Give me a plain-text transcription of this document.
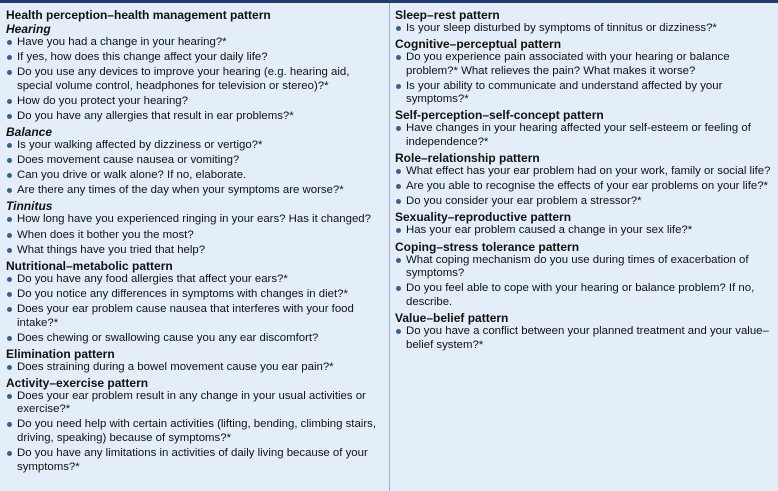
Health perception–health management pattern
Hearing
Have you had a change in your hearing?*
If yes, how does this change affect your daily life?
Do you use any devices to improve your hearing (e.g. hearing aid, special volume control, headphones for television or stereo)?*
How do you protect your hearing?
Do you have any allergies that result in ear problems?*
Balance
Is your walking affected by dizziness or vertigo?*
Does movement cause nausea or vomiting?
Can you drive or walk alone? If no, elaborate.
Are there any times of the day when your symptoms are worse?*
Tinnitus
How long have you experienced ringing in your ears? Has it changed?
When does it bother you the most?
What things have you tried that help?
Nutritional–metabolic pattern
Do you have any food allergies that affect your ears?*
Do you notice any differences in symptoms with changes in diet?*
Does your ear problem cause nausea that interferes with your food intake?*
Does chewing or swallowing cause you any ear discomfort?
Elimination pattern
Does straining during a bowel movement cause you ear pain?*
Activity–exercise pattern
Does your ear problem result in any change in your usual activities or exercise?*
Do you need help with certain activities (lifting, bending, climbing stairs, driving, speaking) because of symptoms?*
Do you have any limitations in activities of daily living because of your symptoms?*
Sleep–rest pattern
Is your sleep disturbed by symptoms of tinnitus or dizziness?*
Cognitive–perceptual pattern
Do you experience pain associated with your hearing or balance problem?* What relieves the pain? What makes it worse?
Is your ability to communicate and understand affected by your symptoms?*
Self-perception–self-concept pattern
Have changes in your hearing affected your self-esteem or feeling of independence?*
Role–relationship pattern
What effect has your ear problem had on your work, family or social life?
Are you able to recognise the effects of your ear problems on your life?*
Do you consider your ear problem a stressor?*
Sexuality–reproductive pattern
Has your ear problem caused a change in your sex life?*
Coping–stress tolerance pattern
What coping mechanism do you use during times of exacerbation of symptoms?
Do you feel able to cope with your hearing or balance problem? If no, describe.
Value–belief pattern
Do you have a conflict between your planned treatment and your value–belief system?*
